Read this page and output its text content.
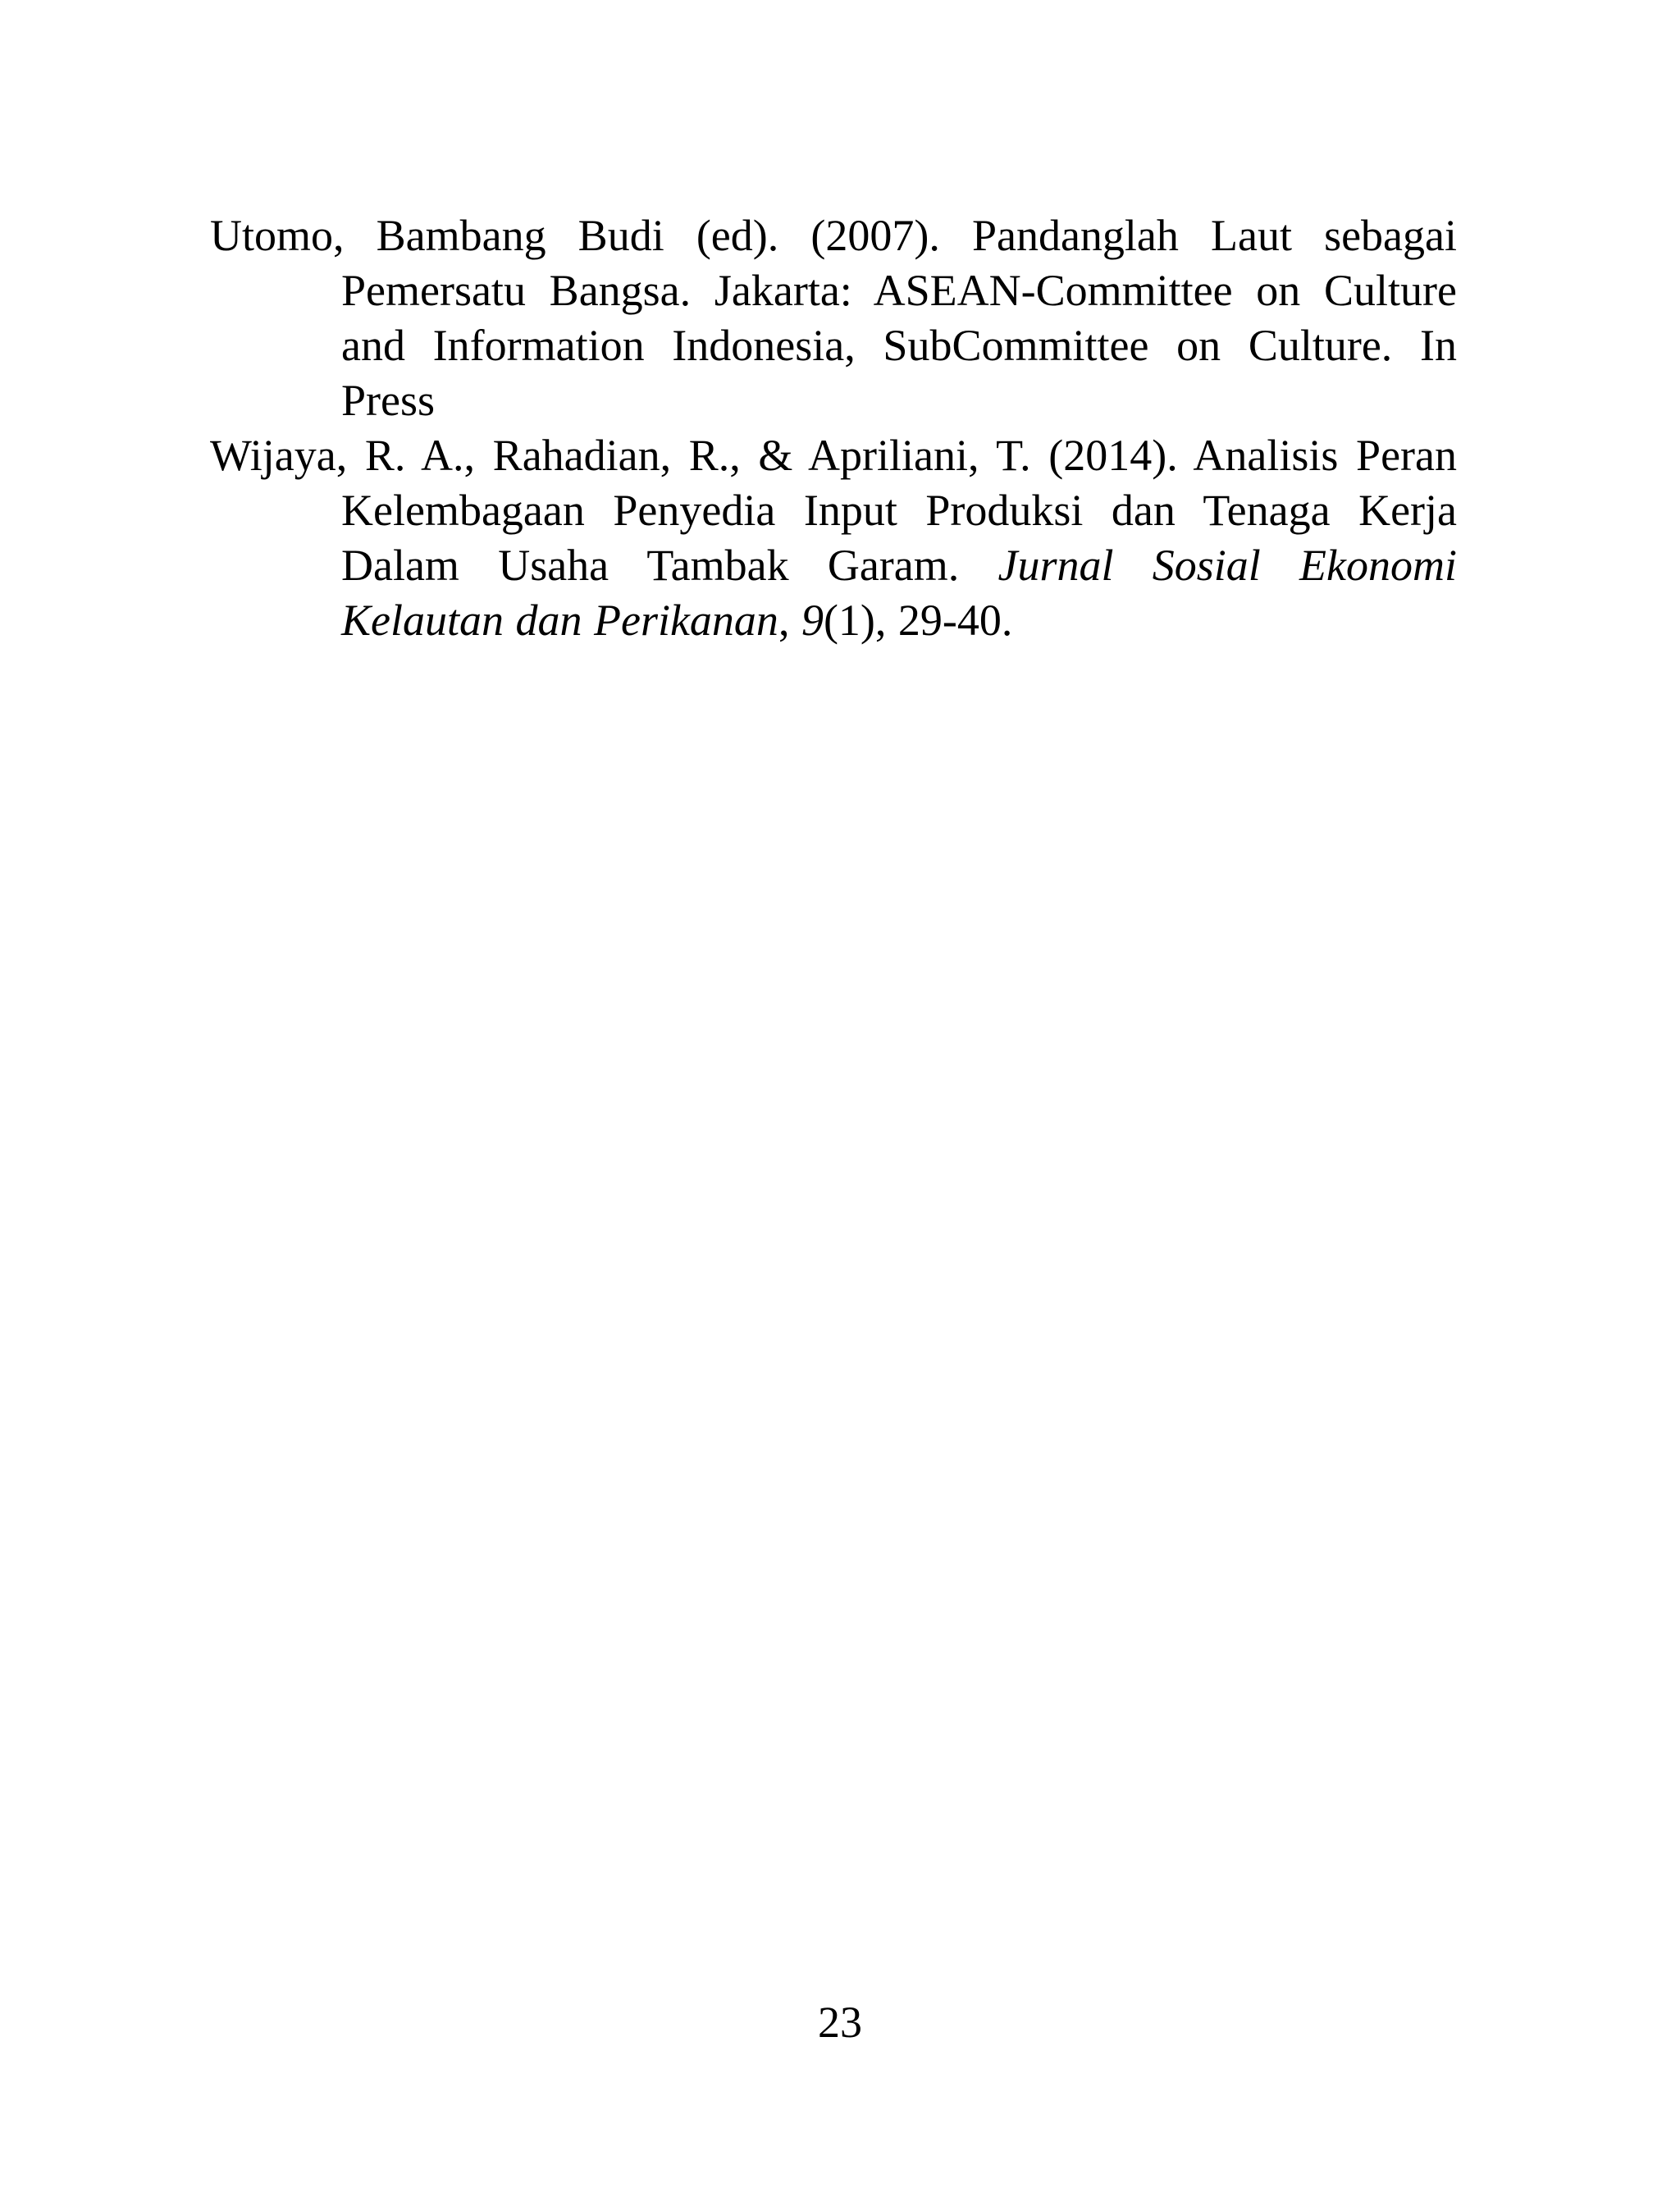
Utomo, Bambang Budi (ed). (2007). Pandanglah Laut sebagai Pemersatu Bangsa. Jakarta: ASEAN-Committee on Culture and Information Indonesia, SubCommittee on Culture. In Press

Wijaya, R. A., Rahadian, R., & Apriliani, T. (2014). Analisis Peran Kelembagaan Penyedia Input Produksi dan Tenaga Kerja Dalam Usaha Tambak Garam. Jurnal Sosial Ekonomi Kelautan dan Perikanan, 9(1), 29-40.

23
